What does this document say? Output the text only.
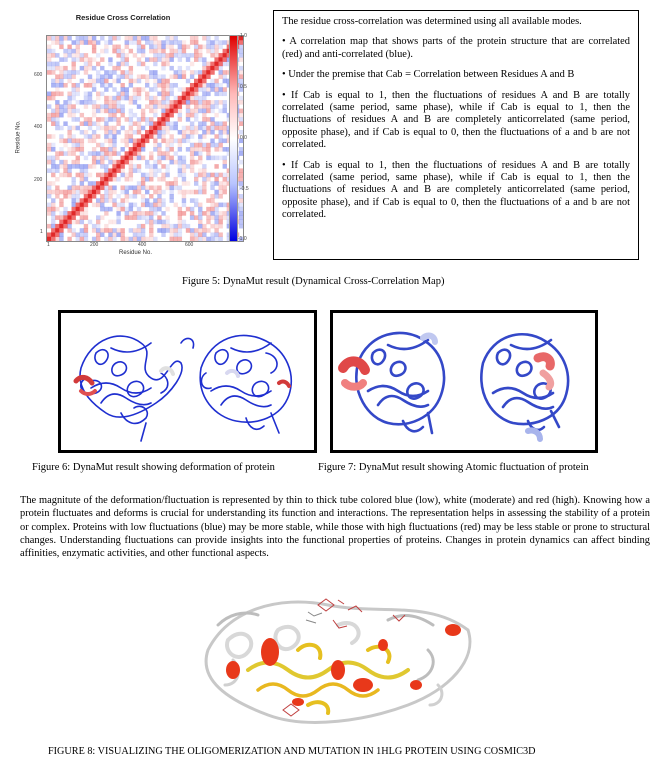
Residue Cross Correlation
1.0
0.5
0.0
-0.5
-1.0
600
400
200
1
1	200	400	600
Residue No.
Residue No.

The residue cross-correlation was determined using all available modes.

• A correlation map that shows parts of the protein structure that are correlated (red) and anti-correlated (blue).

• Under the premise that Cab = Correlation between Residues A and B

• If Cab is equal to 1, then the fluctuations of residues A and B are totally correlated (same period, same phase), while if Cab is equal to 1, then the fluctuations of residues A and B are completely anticorrelated (same period, opposite phase), and if Cab is equal to 0, then the fluctuations of a and b are not correlated.

• If Cab is equal to 1, then the fluctuations of residues A and B are totally correlated (same period, same phase), while if Cab is equal to 1, then the fluctuations of residues A and B are completely anticorrelated (same period, opposite phase), and if Cab is equal to 0, then the fluctuations of a and b are not correlated.

Figure 5: DynaMut result (Dynamical Cross-Correlation Map)
Figure 6: DynaMut result showing deformation of protein	Figure 7: DynaMut result showing Atomic fluctuation of protein
The magnitute of the deformation/fluctuation is represented by thin to thick tube colored blue (low), white (moderate) and red (high). Knowing how a protein fluctuates and deforms is crucial for understanding its function and interactions. The representation helps in assessing the stability of a protein or complex. Proteins with low fluctuations (blue) may be more stable, while those with high fluctuations (red) may be less stable or prone to structural changes. Understanding fluctuations can provide insights into the functional properties of proteins. Changes in protein dynamics can affect binding affinities, enzymatic activities, and other functional aspects.
FIGURE 8: VISUALIZING THE OLIGOMERIZATION AND MUTATION IN 1HLG PROTEIN USING COSMIC3D
